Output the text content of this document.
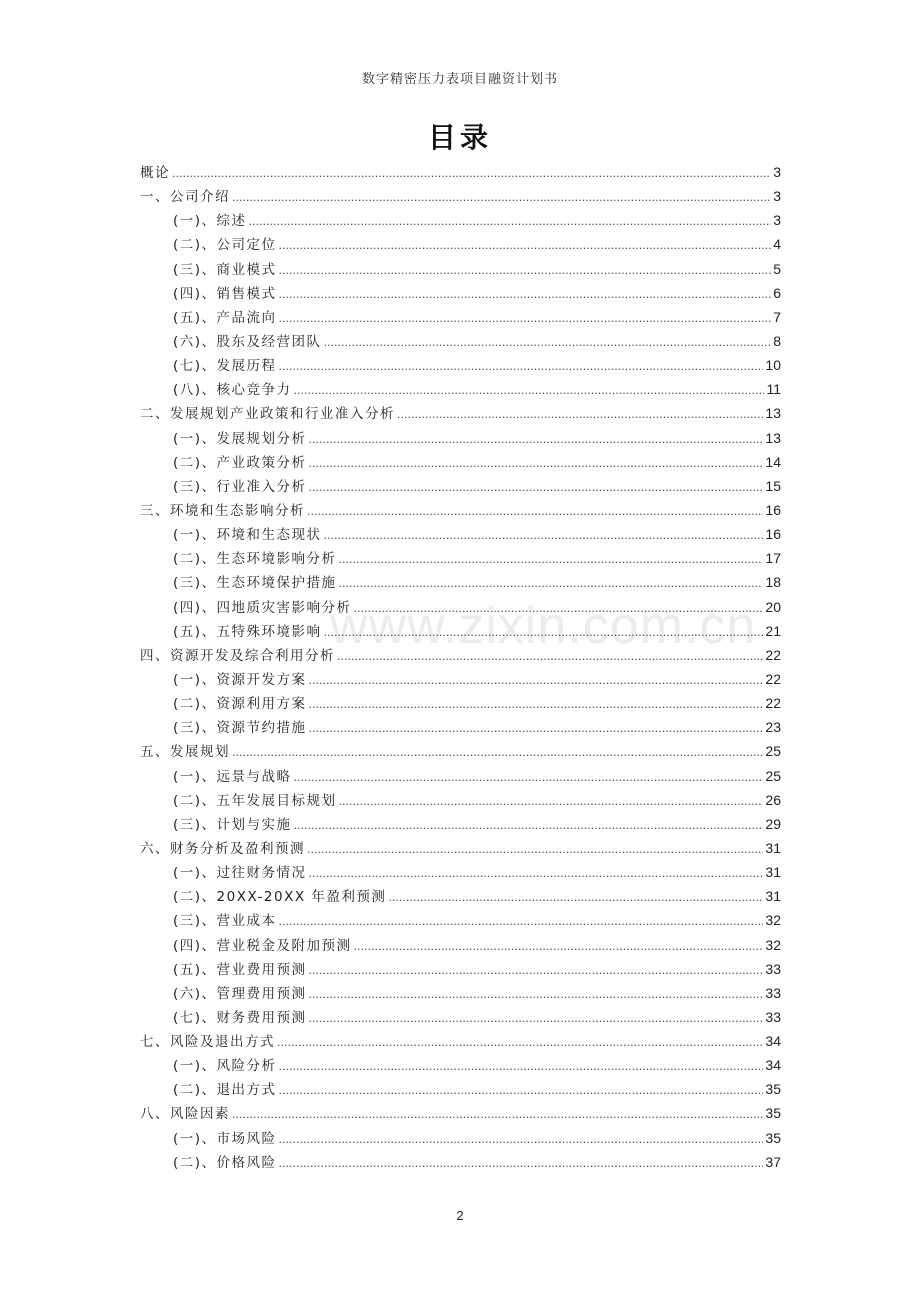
数字精密压力表项目融资计划书
目录
www.zixin.com.cn
概论 .....	3
一、公司介绍 .....	3
(一)、综述 .....	3
(二)、公司定位 .....	4
(三)、商业模式 .....	5
(四)、销售模式 .....	6
(五)、产品流向 .....	7
(六)、股东及经营团队 .....	8
(七)、发展历程 .....	10
(八)、核心竞争力 .....	11
二、发展规划产业政策和行业准入分析 .....	13
(一)、发展规划分析 .....	13
(二)、产业政策分析 .....	14
(三)、行业准入分析 .....	15
三、环境和生态影响分析 .....	16
(一)、环境和生态现状 .....	16
(二)、生态环境影响分析 .....	17
(三)、生态环境保护措施 .....	18
(四)、四地质灾害影响分析 .....	20
(五)、五特殊环境影响 .....	21
四、资源开发及综合利用分析 .....	22
(一)、资源开发方案 .....	22
(二)、资源利用方案 .....	22
(三)、资源节约措施 .....	23
五、发展规划 .....	25
(一)、远景与战略 .....	25
(二)、五年发展目标规划 .....	26
(三)、计划与实施 .....	29
六、财务分析及盈利预测 .....	31
(一)、过往财务情况 .....	31
(二)、20XX-20XX 年盈利预测 .....	31
(三)、营业成本 .....	32
(四)、营业税金及附加预测 .....	32
(五)、营业费用预测 .....	33
(六)、管理费用预测 .....	33
(七)、财务费用预测 .....	33
七、风险及退出方式 .....	34
(一)、风险分析 .....	34
(二)、退出方式 .....	35
八、风险因素 .....	35
(一)、市场风险 .....	35
(二)、价格风险 .....	37
2
